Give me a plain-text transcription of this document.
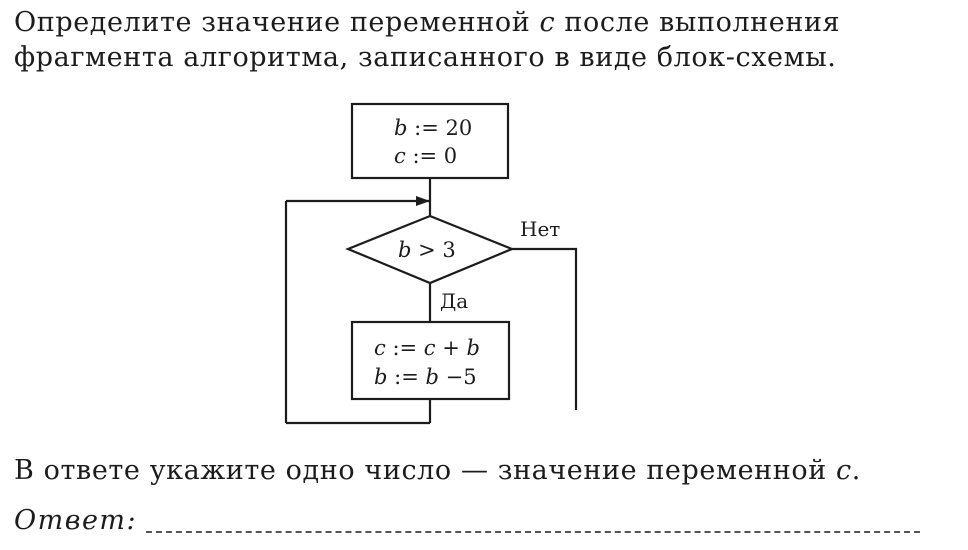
Определите значение переменной c после выполнения
фрагмента алгоритма, записанного в виде блок-схемы.
b := 20
c := 0
b > 3
Нет
Да
c := c + b
b := b −5
В ответе укажите одно число — значение переменной c.
Ответ:
